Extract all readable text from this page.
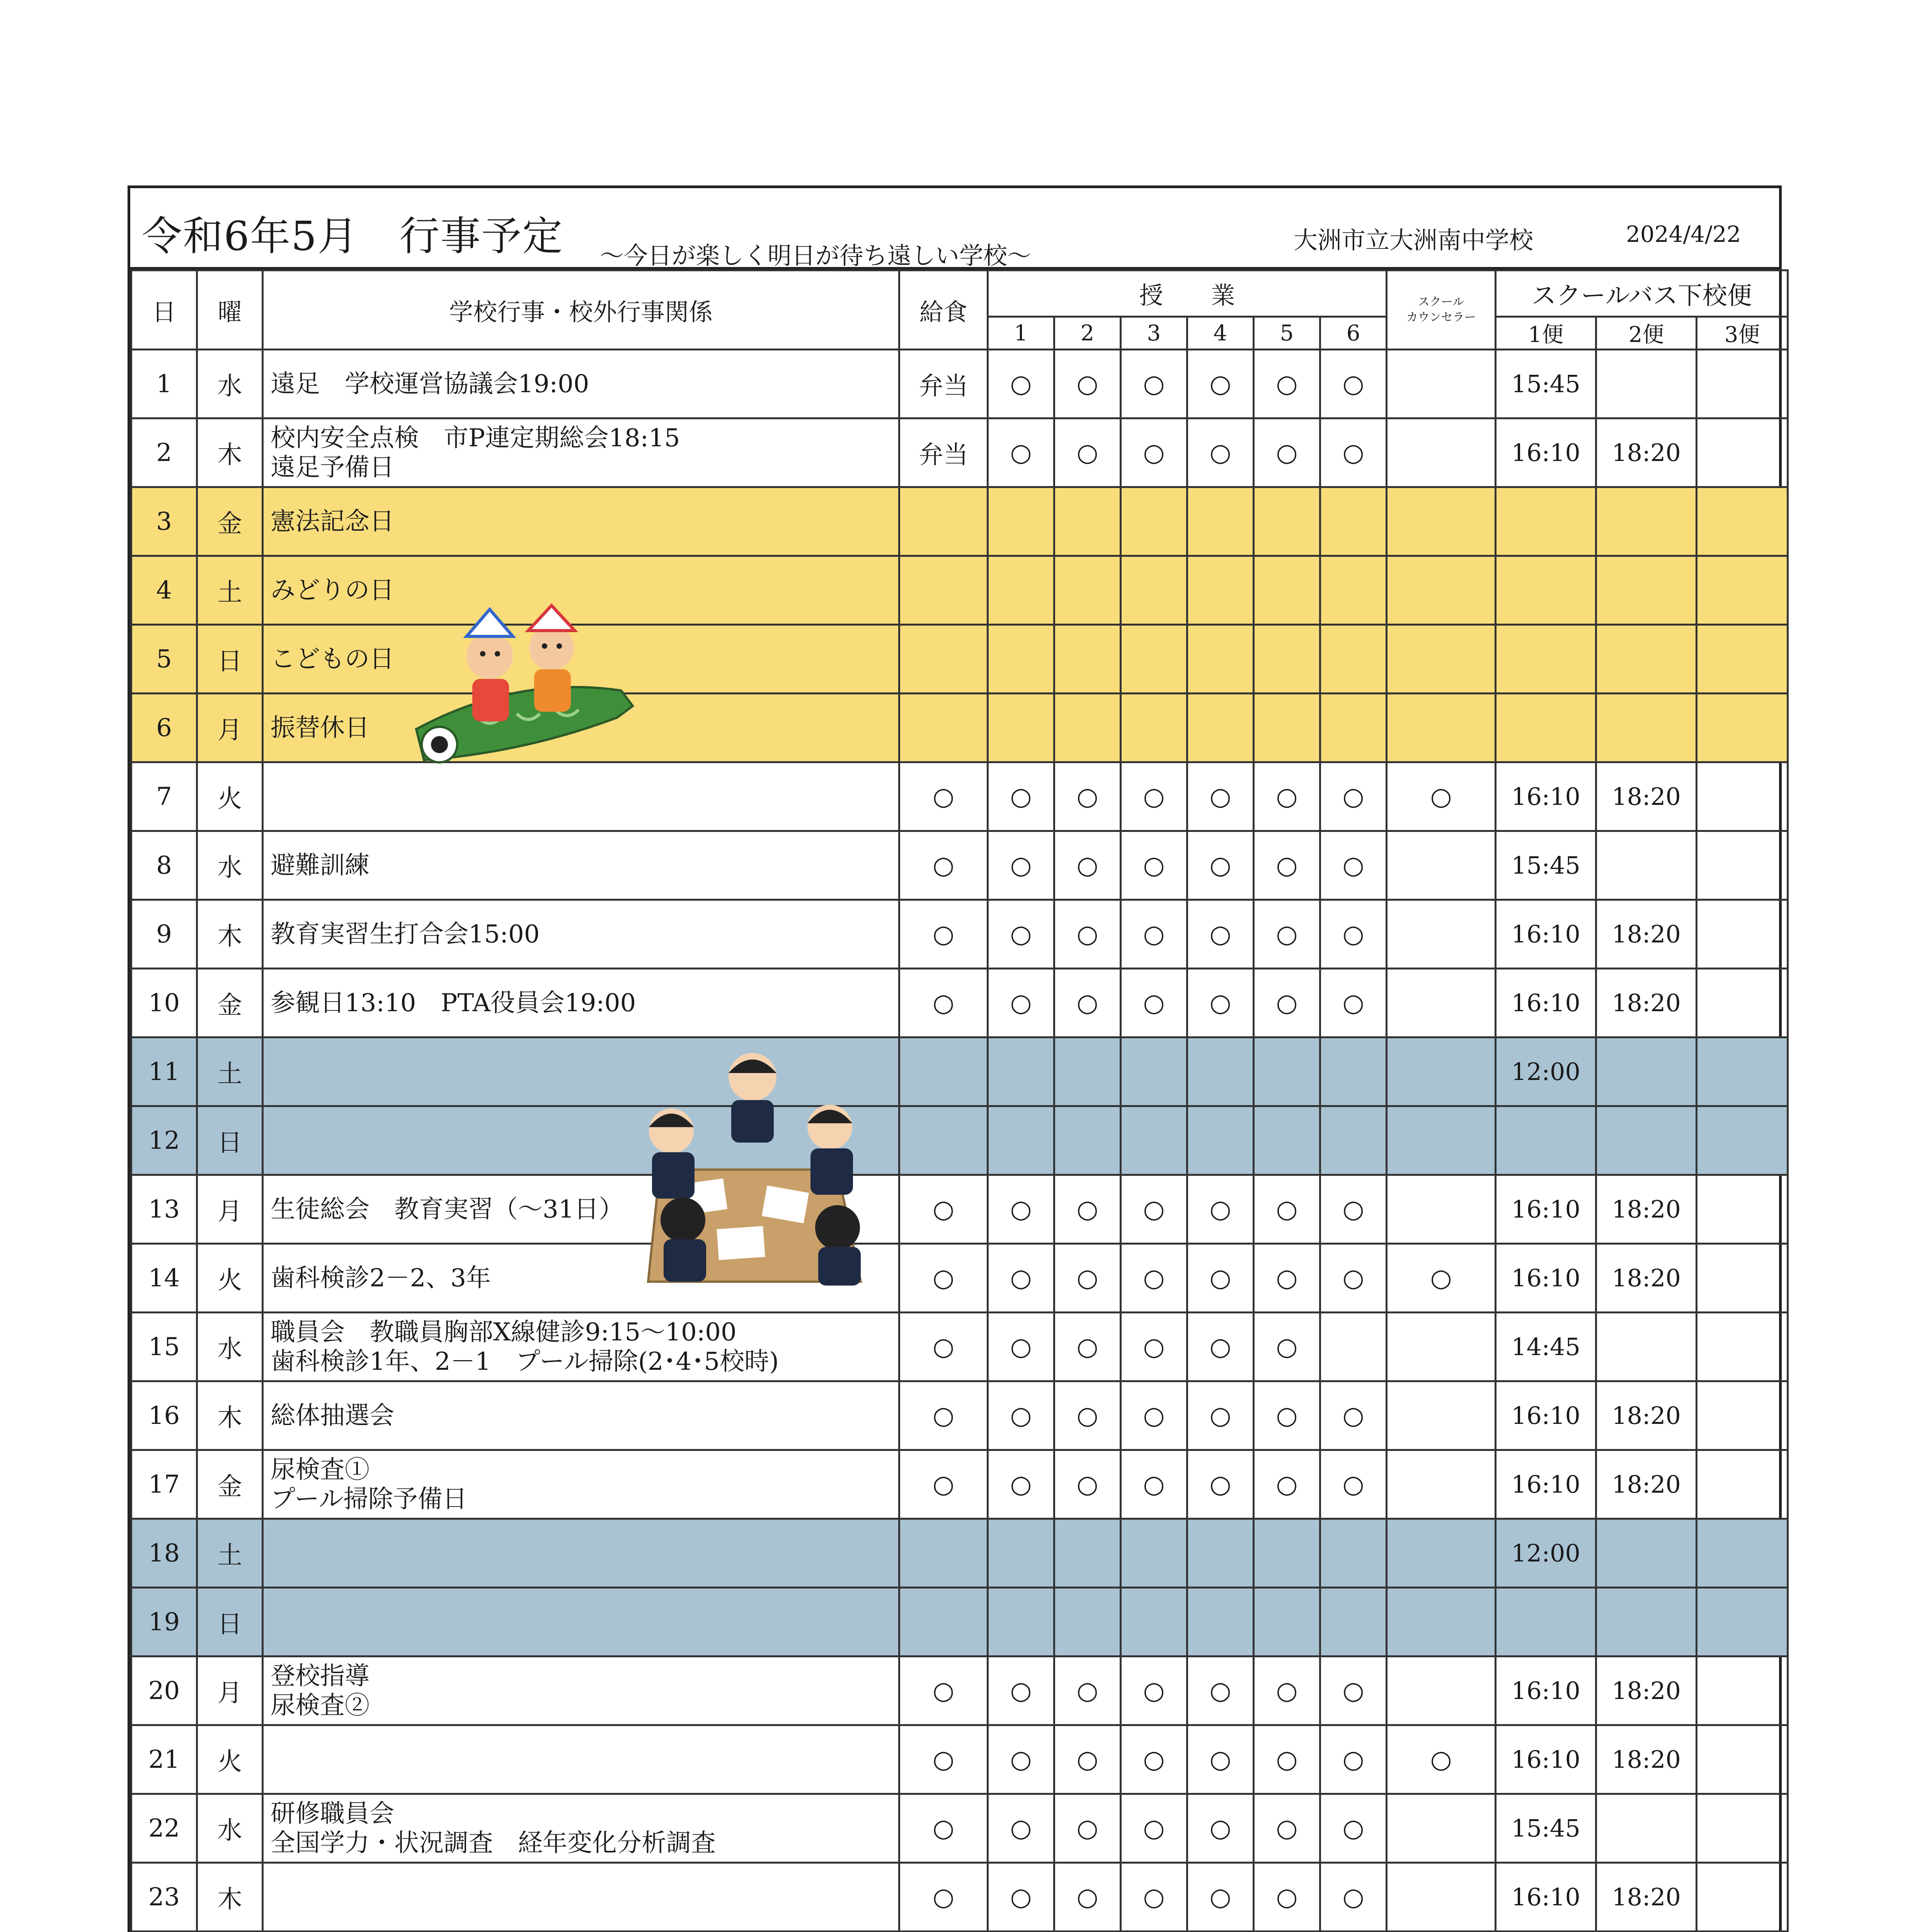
令和6年5月　行事予定 ～今日が楽しく明日が待ち遠しい学校～
大洲市立大洲南中学校	2024/4/22
日	曜	学校行事・校外行事関係	給食	授　　業						スクール
カウンセラー	スクールバス下校便		
				1	2	3	4	5	6		1便	2便	3便
1	水	遠足　学校運営協議会19:00	弁当	○	○	○	○	○	○		15:45		
2	木	校内安全点検　市P連定期総会18:15
遠足予備日	弁当	○	○	○	○	○	○		16:10	18:20	
3	金	憲法記念日											
4	土	みどりの日											
5	日	こどもの日											
6	月	振替休日											
7	火		○	○	○	○	○	○	○	○	16:10	18:20	
8	水	避難訓練	○	○	○	○	○	○	○		15:45		
9	木	教育実習生打合会15:00	○	○	○	○	○	○	○		16:10	18:20	
10	金	参観日13:10　PTA役員会19:00	○	○	○	○	○	○	○		16:10	18:20	
11	土										12:00		
12	日												
13	月	生徒総会　教育実習（～31日）	○	○	○	○	○	○	○		16:10	18:20	
14	火	歯科検診2－2、3年	○	○	○	○	○	○	○	○	16:10	18:20	
15	水	職員会　教職員胸部X線健診9:15～10:00
歯科検診1年、2－1　プール掃除(2･4･5校時)	○	○	○	○	○	○			14:45		
16	木	総体抽選会	○	○	○	○	○	○	○		16:10	18:20	
17	金	尿検査①
プール掃除予備日	○	○	○	○	○	○	○		16:10	18:20	
18	土										12:00		
19	日												
20	月	登校指導
尿検査②	○	○	○	○	○	○	○		16:10	18:20	
21	火		○	○	○	○	○	○	○	○	16:10	18:20	
22	水	研修職員会
全国学力・状況調査　経年変化分析調査	○	○	○	○	○	○	○		15:45		
23	木		○	○	○	○	○	○	○		16:10	18:20	
